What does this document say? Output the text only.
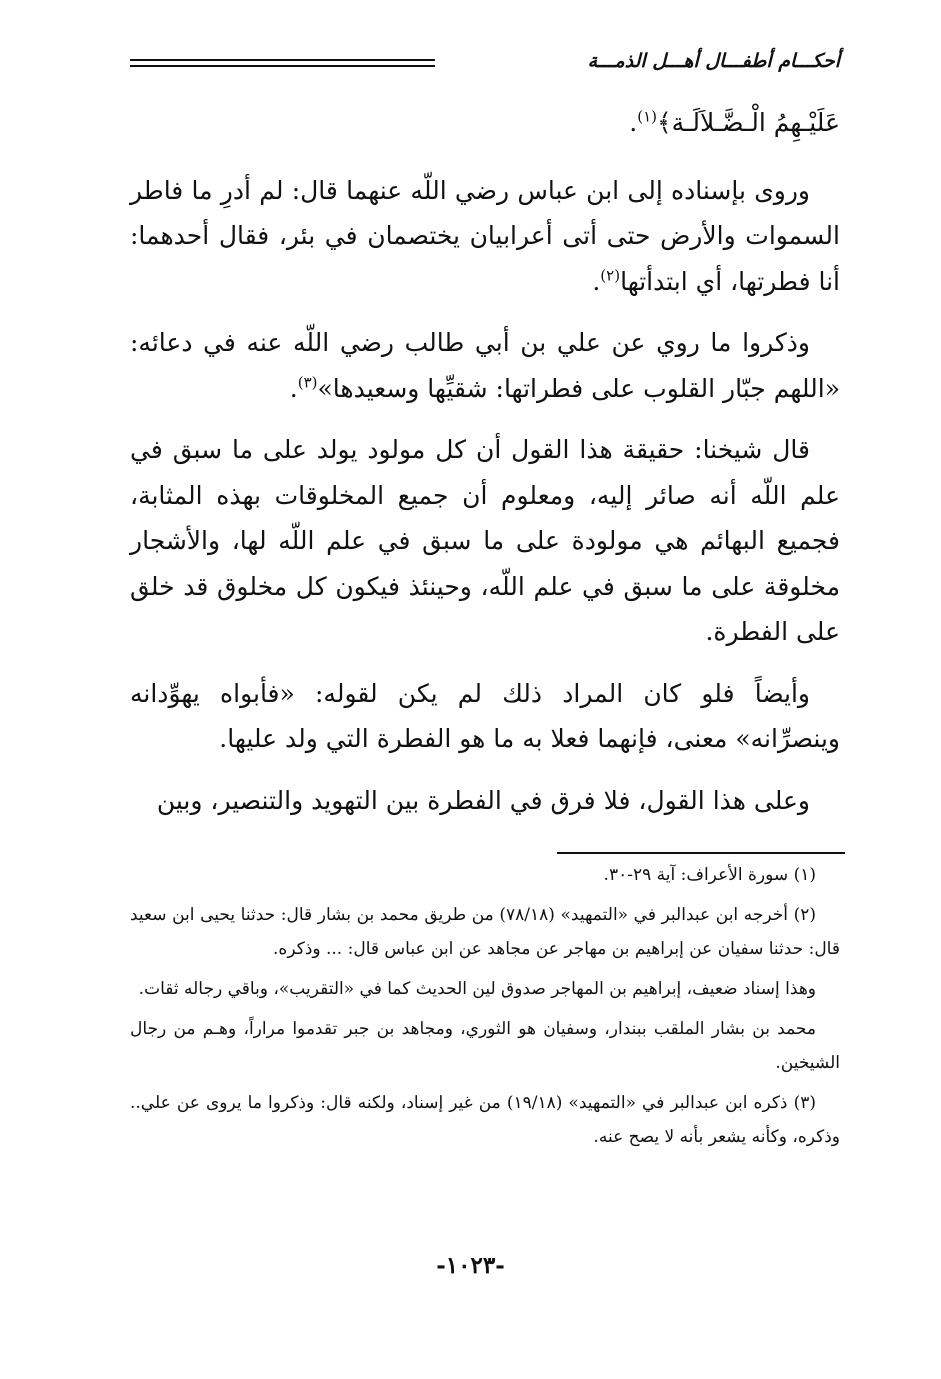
أحكـــام أطفـــال أهـــل الذمـــة

عَلَيْـهِمُ الْـضَّـلاَلَـة﴾$^{(١)}$.

وروى بإسناده إلى ابن عباس رضي اللّه عنهما قال: لم أدرِ ما فاطر السموات والأرض حتى أتى أعرابيان يختصمان في بئر، فقال أحدهما: أنا فطرتها، أي ابتدأتها$^{(٢)}$.

وذكروا ما روي عن علي بن أبي طالب رضي اللّه عنه في دعائه: «اللهم جبّار القلوب على فطراتها: شقيِّها وسعيدها»$^{(٣)}$.

قال شيخنا: حقيقة هذا القول أن كل مولود يولد على ما سبق في علم اللّه أنه صائر إليه، ومعلوم أن جميع المخلوقات بهذه المثابة، فجميع البهائم هي مولودة على ما سبق في علم اللّه لها، والأشجار مخلوقة على ما سبق في علم اللّه، وحينئذ فيكون كل مخلوق قد خلق على الفطرة.

وأيضاً فلو كان المراد ذلك لم يكن لقوله: «فأبواه يهوِّدانه وينصرِّانه» معنى، فإنهما فعلا به ما هو الفطرة التي ولد عليها.

وعلى هذا القول، فلا فرق في الفطرة بين التهويد والتنصير، وبين

(١) سورة الأعراف: آية ٢٩-٣٠.

(٢) أخرجه ابن عبدالبر في «التمهيد» (٧٨/١٨) من طريق محمد بن بشار قال: حدثنا يحيى ابن سعيد قال: حدثنا سفيان عن إبراهيم بن مهاجر عن مجاهد عن ابن عباس قال: ... وذكره.

وهذا إسناد ضعيف، إبراهيم بن المهاجر صدوق لين الحديث كما في «التقريب»، وباقي رجاله ثقات.

محمد بن بشار الملقب ببندار، وسفيان هو الثوري، ومجاهد بن جبر تقدموا مراراً، وهـم من رجال الشيخين.

(٣) ذكره ابن عبدالبر في «التمهيد» (١٩/١٨) من غير إسناد، ولكنه قال: وذكروا ما يروى عن علي.. وذكره، وكأنه يشعر بأنه لا يصح عنه.

-١٠٢٣-
